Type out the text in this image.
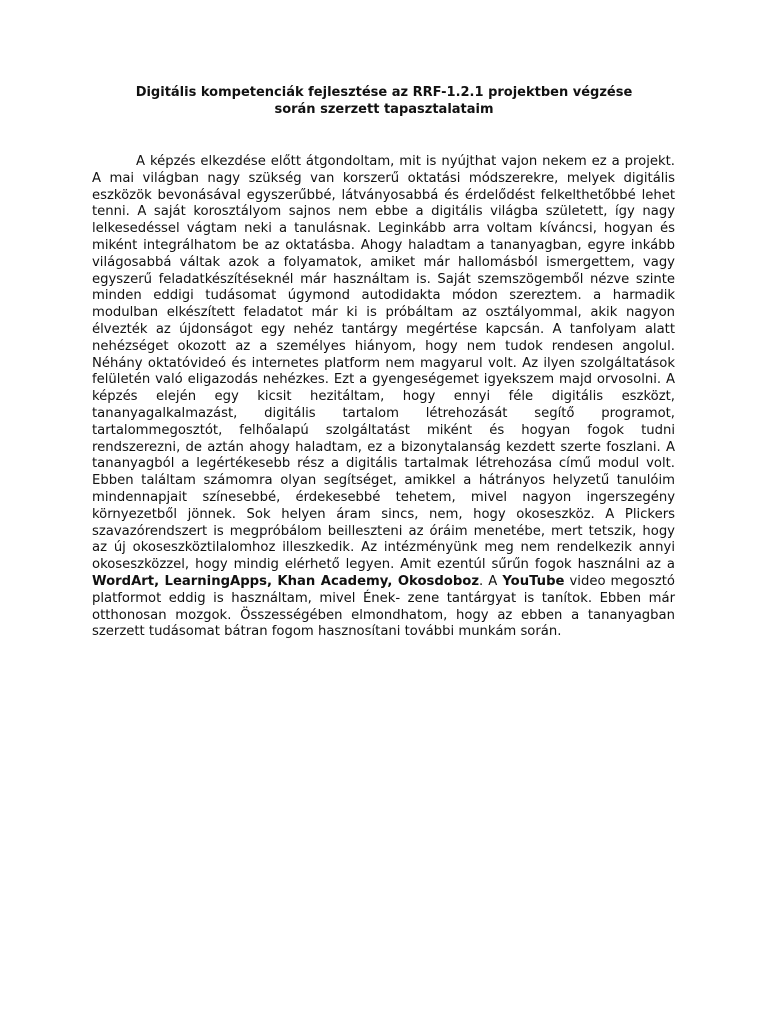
Digitális kompetenciák fejlesztése az RRF-1.2.1 projektben végzése
során szerzett tapasztalataim

A képzés elkezdése előtt átgondoltam, mit is nyújthat vajon nekem ez a projekt. A mai világban nagy szükség van korszerű oktatási módszerekre, melyek digitális eszközök bevonásával egyszerűbbé, látványosabbá és érdelődést felkelthetőbbé lehet tenni. A saját korosztályom sajnos nem ebbe a digitális világba született, így nagy lelkesedéssel vágtam neki a tanulásnak. Leginkább arra voltam kíváncsi, hogyan és miként integrálhatom be az oktatásba. Ahogy haladtam a tananyagban, egyre inkább világosabbá váltak azok a folyamatok, amiket már hallomásból ismergettem, vagy egyszerű feladatkészítéseknél már használtam is. Saját szemszögemből nézve szinte minden eddigi tudásomat úgymond autodidakta módon szereztem. a harmadik modulban elkészített feladatot már ki is próbáltam az osztályommal, akik nagyon élvezték az újdonságot egy nehéz tantárgy megértése kapcsán. A tanfolyam alatt nehézséget okozott az a személyes hiányom, hogy nem tudok rendesen angolul. Néhány oktatóvideó és internetes platform nem magyarul volt. Az ilyen szolgáltatások felületén való eligazodás nehézkes. Ezt a gyengeségemet igyekszem majd orvosolni. A képzés elején egy kicsit hezitáltam, hogy ennyi féle digitális eszközt, tananyagalkalmazást, digitális tartalom létrehozását segítő programot, tartalommegosztót, felhőalapú szolgáltatást miként és hogyan fogok tudni rendszerezni, de aztán ahogy haladtam, ez a bizonytalanság kezdett szerte foszlani. A tananyagból a legértékesebb rész a digitális tartalmak létrehozása című modul volt. Ebben találtam számomra olyan segítséget, amikkel a hátrányos helyzetű tanulóim mindennapjait színesebbé, érdekesebbé tehetem, mivel nagyon ingerszegény környezetből jönnek. Sok helyen áram sincs, nem, hogy okoseszköz. A Plickers szavazórendszert is megpróbálom beilleszteni az óráim menetébe, mert tetszik, hogy az új okoseszköztilalomhoz illeszkedik. Az intézményünk meg nem rendelkezik annyi okoseszközzel, hogy mindig elérhető legyen. Amit ezentúl sűrűn fogok használni az a WordArt, LearningApps, Khan Academy, Okosdoboz. A YouTube video megosztó platformot eddig is használtam, mivel Ének- zene tantárgyat is tanítok. Ebben már otthonosan mozgok. Összességében elmondhatom, hogy az ebben a tananyagban szerzett tudásomat bátran fogom hasznosítani további munkám során.
